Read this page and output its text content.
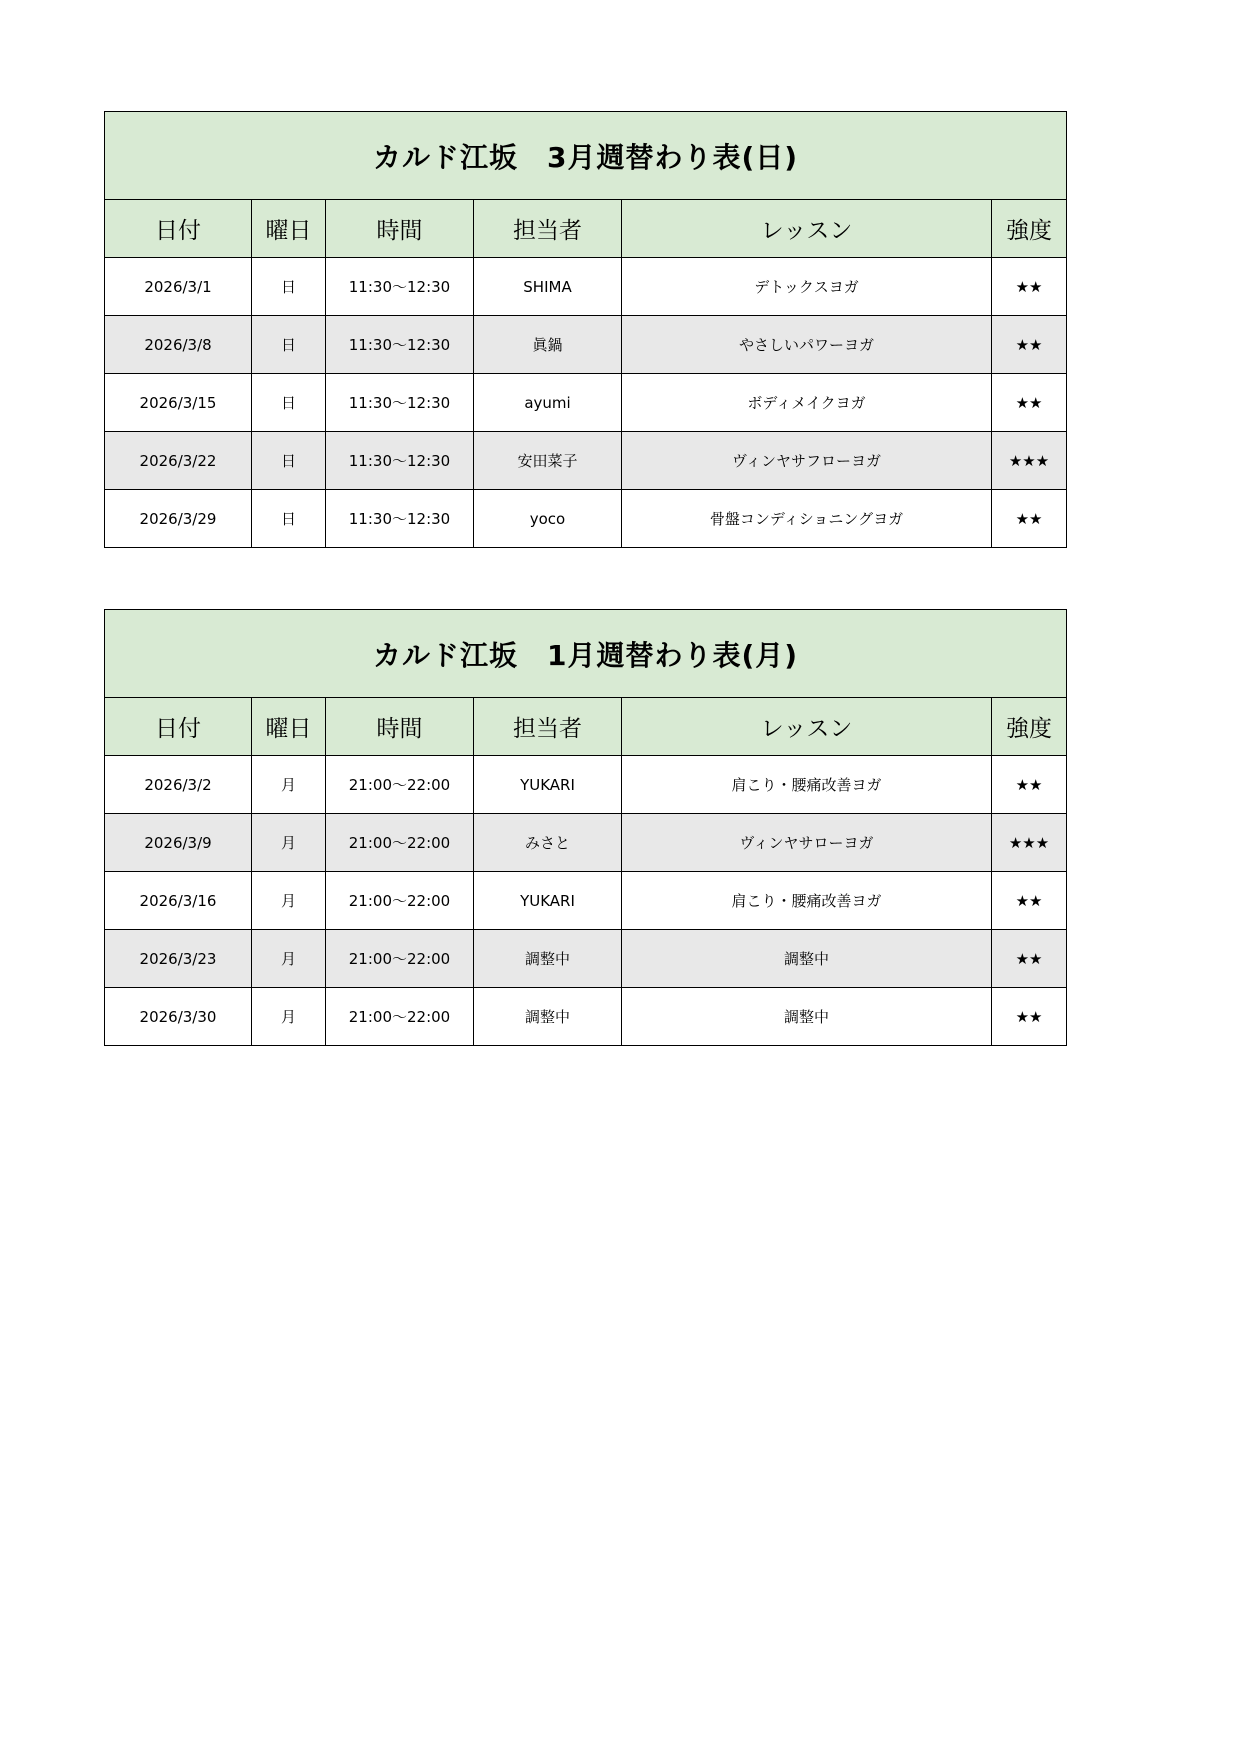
カルド江坂　3月週替わり表(日)					
日付	曜日	時間	担当者	レッスン	強度
2026/3/1	日	11:30～12:30	SHIMA	デトックスヨガ	★★
2026/3/8	日	11:30～12:30	眞鍋	やさしいパワーヨガ	★★
2026/3/15	日	11:30～12:30	ayumi	ボディメイクヨガ	★★
2026/3/22	日	11:30～12:30	安田菜子	ヴィンヤサフローヨガ	★★★
2026/3/29	日	11:30～12:30	yoco	骨盤コンディショニングヨガ	★★
カルド江坂　1月週替わり表(月)					
日付	曜日	時間	担当者	レッスン	強度
2026/3/2	月	21:00～22:00	YUKARI	肩こり・腰痛改善ヨガ	★★
2026/3/9	月	21:00～22:00	みさと	ヴィンヤサローヨガ	★★★
2026/3/16	月	21:00～22:00	YUKARI	肩こり・腰痛改善ヨガ	★★
2026/3/23	月	21:00～22:00	調整中	調整中	★★
2026/3/30	月	21:00～22:00	調整中	調整中	★★
